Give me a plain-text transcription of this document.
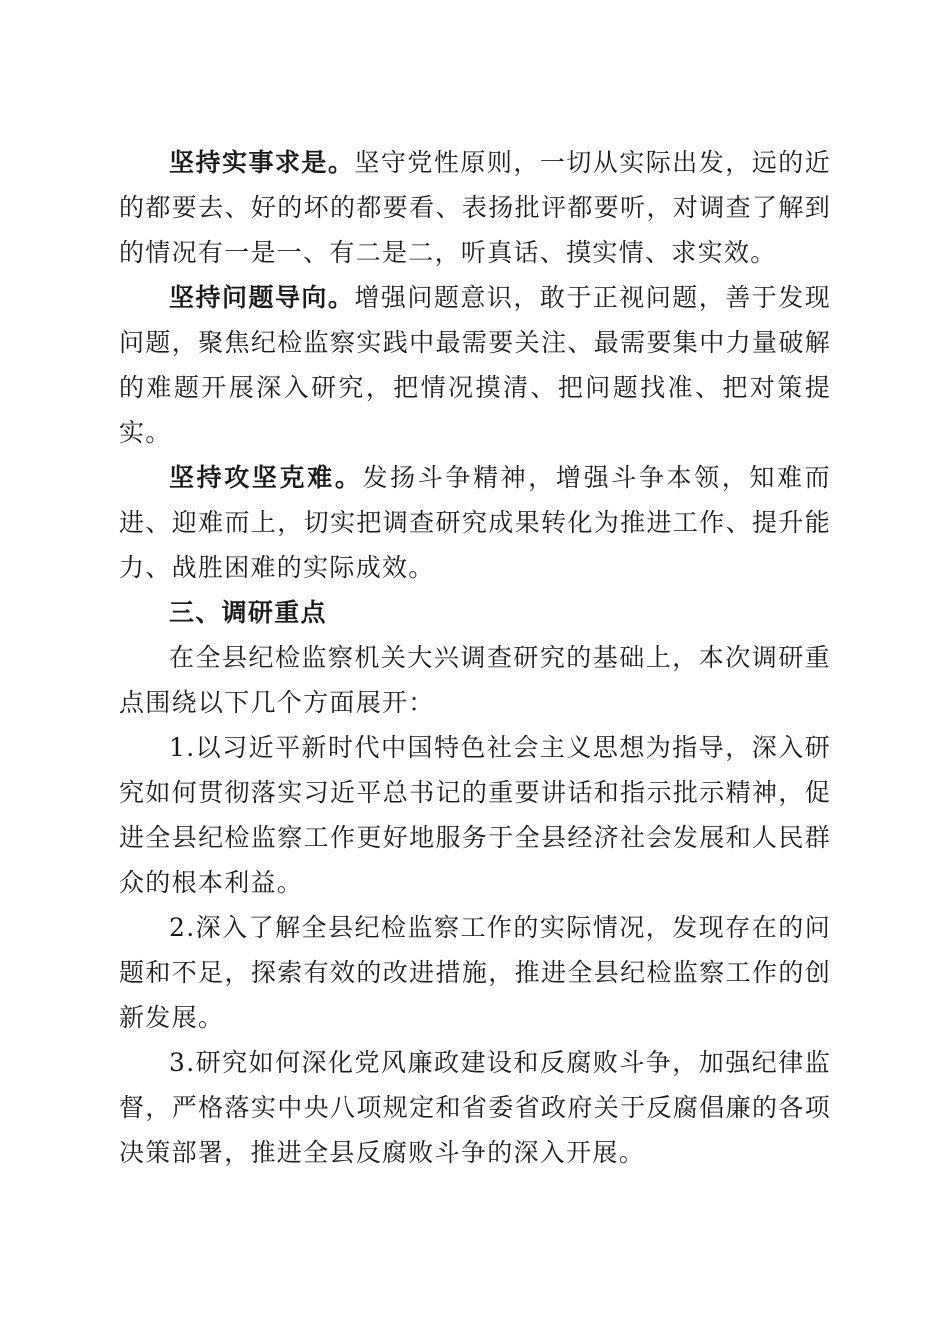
坚持实事求是。坚守党性原则，一切从实际出发，远的近的都要去、好的坏的都要看、表扬批评都要听，对调查了解到的情况有一是一、有二是二，听真话、摸实情、求实效。

坚持问题导向。增强问题意识，敢于正视问题，善于发现问题，聚焦纪检监察实践中最需要关注、最需要集中力量破解的难题开展深入研究，把情况摸清、把问题找准、把对策提实。

坚持攻坚克难。发扬斗争精神，增强斗争本领，知难而进、迎难而上，切实把调查研究成果转化为推进工作、提升能力、战胜困难的实际成效。

三、调研重点

在全县纪检监察机关大兴调查研究的基础上，本次调研重点围绕以下几个方面展开：

1.以习近平新时代中国特色社会主义思想为指导，深入研究如何贯彻落实习近平总书记的重要讲话和指示批示精神，促进全县纪检监察工作更好地服务于全县经济社会发展和人民群众的根本利益。

2.深入了解全县纪检监察工作的实际情况，发现存在的问题和不足，探索有效的改进措施，推进全县纪检监察工作的创新发展。

3.研究如何深化党风廉政建设和反腐败斗争，加强纪律监督，严格落实中央八项规定和省委省政府关于反腐倡廉的各项决策部署，推进全县反腐败斗争的深入开展。
